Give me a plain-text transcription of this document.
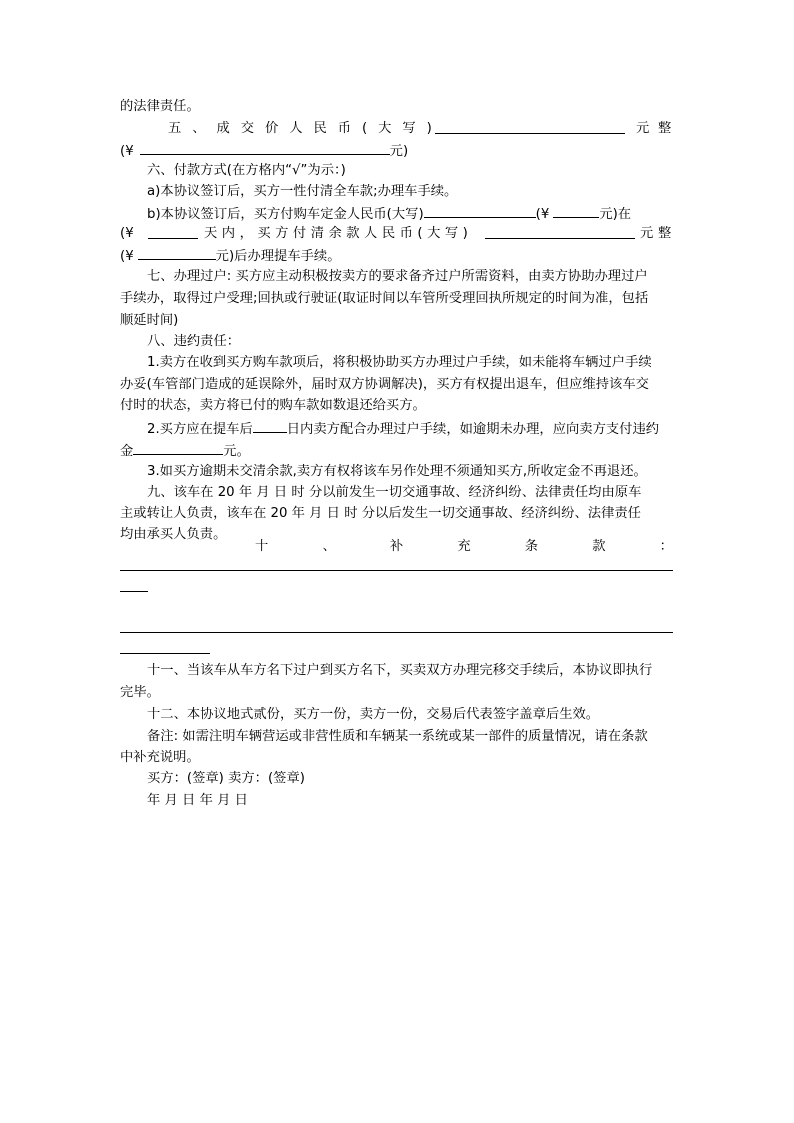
的法律责任。
五 、 成 交 价 人 民 币 ( 大 写 )	元 整
(¥	元)
六、付款方式(在方格内“√”为示：)
a)本协议签订后，买方一性付清全车款;办理车手续。
b)本协议签订后，买方付购车定金人民币(大写)	(¥	元)在
(¥	天 内 ， 买 方 付 清 余 款 人 民 币 ( 大 写 )	元 整
(¥	元)后办理提车手续。
七、办理过户: 买方应主动积极按卖方的要求备齐过户所需资料，由卖方协助办理过户
手续办，取得过户受理;回执或行驶证(取证时间以车管所受理回执所规定的时间为准，包括
顺延时间)
八、违约责任：
1.卖方在收到买方购车款项后，将积极协助买方办理过户手续，如未能将车辆过户手续
办妥(车管部门造成的延误除外，届时双方协调解决)，买方有权提出退车，但应维持该车交
付时的状态，卖方将已付的购车款如数退还给买方。
2.买方应在提车后	日内卖方配合办理过户手续，如逾期未办理，应向卖方支付违约
金	元。
3.如买方逾期未交清余款,卖方有权将该车另作处理不须通知买方,所收定金不再退还。
九、该车在 20 年 月 日 时 分以前发生一切交通事故、经济纠纷、法律责任均由原车
主或转让人负责，该车在 20 年 月 日 时 分以后发生一切交通事故、经济纠纷、法律责任
均由承买人负责。
十	、	补	充	条	款	：
十一、当该车从车方名下过户到买方名下，买卖双方办理完移交手续后，本协议即执行
完毕。
十二、本协议地式贰份，买方一份，卖方一份，交易后代表签字盖章后生效。
备注: 如需注明车辆营运或非营性质和车辆某一系统或某一部件的质量情况，请在条款
中补充说明。
买方：(签章) 卖方：(签章)
年 月 日 年 月 日
